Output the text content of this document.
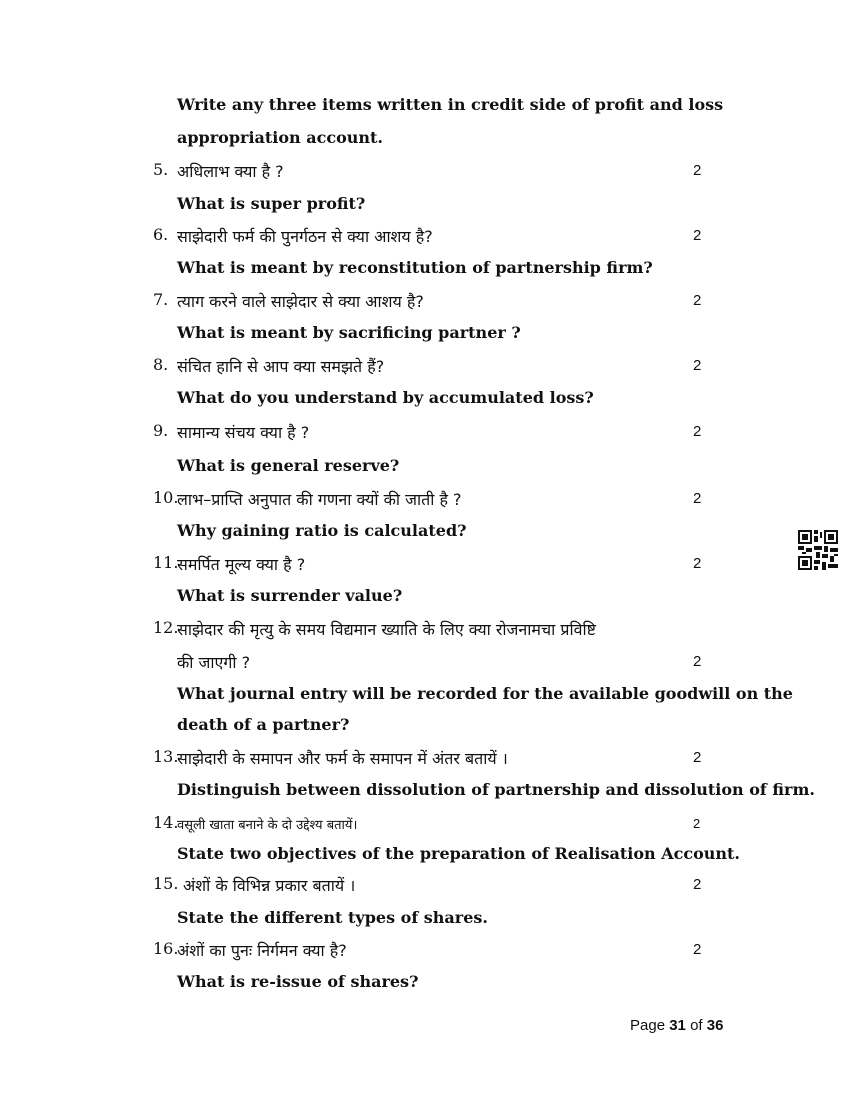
Write any three items written in credit side of profit and loss
appropriation account.
5. अधिलाभ क्या है ?	2
What is super profit?
6. साझेदारी फर्म की पुनर्गठन से क्या आशय है?	2
What is meant by reconstitution of partnership firm?
7. त्याग करने वाले साझेदार से क्या आशय है?	2
What is meant by sacrificing partner ?
8. संचित हानि से आप क्या समझते हैं?	2
What do you understand by accumulated loss?
9. सामान्य संचय क्या है ?	2
What is general reserve?
10.
लाभ–प्राप्ति अनुपात की गणना क्यों की जाती है ?	2
Why gaining ratio is calculated?
11.
समर्पित मूल्य क्या है ?	2
What is surrender value?
12.
साझेदार की मृत्यु के समय विद्यमान ख्याति के लिए क्या रोजनामचा प्रविष्टि
की जाएगी ?	2
What journal entry will be recorded for the available goodwill on the
death of a partner?
13.
साझेदारी के समापन और फर्म के समापन में अंतर बतायें ।	2
Distinguish between dissolution of partnership and dissolution of firm.
14.
वसूली खाता बनाने के दो उद्देश्य बतायें।	2
State two objectives of the preparation of Realisation Account.
15. अंशों के विभिन्न प्रकार बतायें ।	2
State the different types of shares.
16.
अंशों का पुनः निर्गमन क्या है?	2
What is re-issue of shares?
Page 31 of 36
